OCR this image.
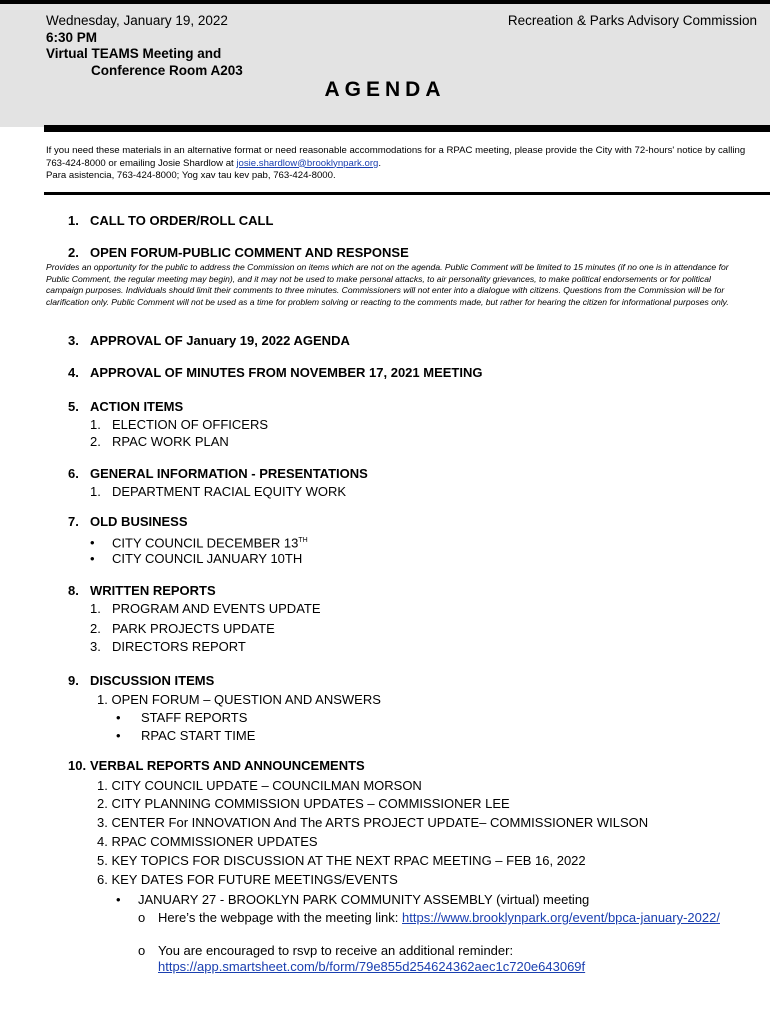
Wednesday, January 19, 2022
6:30 PM
Virtual TEAMS Meeting and
Conference Room A203
Recreation & Parks Advisory Commission
AGENDA
If you need these materials in an alternative format or need reasonable accommodations for a RPAC meeting, please provide the City with 72-hours' notice by calling 763-424-8000 or emailing Josie Shardlow at josie.shardlow@brooklynpark.org.
Para asistencia, 763-424-8000; Yog xav tau kev pab, 763-424-8000.
1. CALL TO ORDER/ROLL CALL
2. OPEN FORUM-PUBLIC COMMENT AND RESPONSE
Provides an opportunity for the public to address the Commission on items which are not on the agenda. Public Comment will be limited to 15 minutes (if no one is in attendance for Public Comment, the regular meeting may begin), and it may not be used to make personal attacks, to air personality grievances, to make political endorsements or for political campaign purposes. Individuals should limit their comments to three minutes. Commissioners will not enter into a dialogue with citizens. Questions from the Commission will be for clarification only. Public Comment will not be used as a time for problem solving or reacting to the comments made, but rather for hearing the citizen for informational purposes only.
3. APPROVAL OF January 19, 2022 AGENDA
4. APPROVAL OF MINUTES FROM NOVEMBER 17, 2021 MEETING
5. ACTION ITEMS
1. ELECTION OF OFFICERS
2. RPAC WORK PLAN
6. GENERAL INFORMATION - PRESENTATIONS
1. DEPARTMENT RACIAL EQUITY WORK
7. OLD BUSINESS
• CITY COUNCIL DECEMBER 13TH
• CITY COUNCIL JANUARY 10TH
8. WRITTEN REPORTS
1. PROGRAM AND EVENTS UPDATE
2. PARK PROJECTS UPDATE
3. DIRECTORS REPORT
9. DISCUSSION ITEMS
1. OPEN FORUM – QUESTION AND ANSWERS
• STAFF REPORTS
• RPAC START TIME
10. VERBAL REPORTS AND ANNOUNCEMENTS
1. CITY COUNCIL UPDATE – COUNCILMAN MORSON
2. CITY PLANNING COMMISSION UPDATES – COMMISSIONER LEE
3. CENTER For INNOVATION And The ARTS PROJECT UPDATE– COMMISSIONER WILSON
4. RPAC COMMISSIONER UPDATES
5. KEY TOPICS FOR DISCUSSION AT THE NEXT RPAC MEETING – FEB 16, 2022
6. KEY DATES FOR FUTURE MEETINGS/EVENTS
• JANUARY 27 - BROOKLYN PARK COMMUNITY ASSEMBLY (virtual) meeting
o Here’s the webpage with the meeting link: https://www.brooklynpark.org/event/bpca-january-2022/
o You are encouraged to rsvp to receive an additional reminder:
https://app.smartsheet.com/b/form/79e855d254624362aec1c720e643069f
